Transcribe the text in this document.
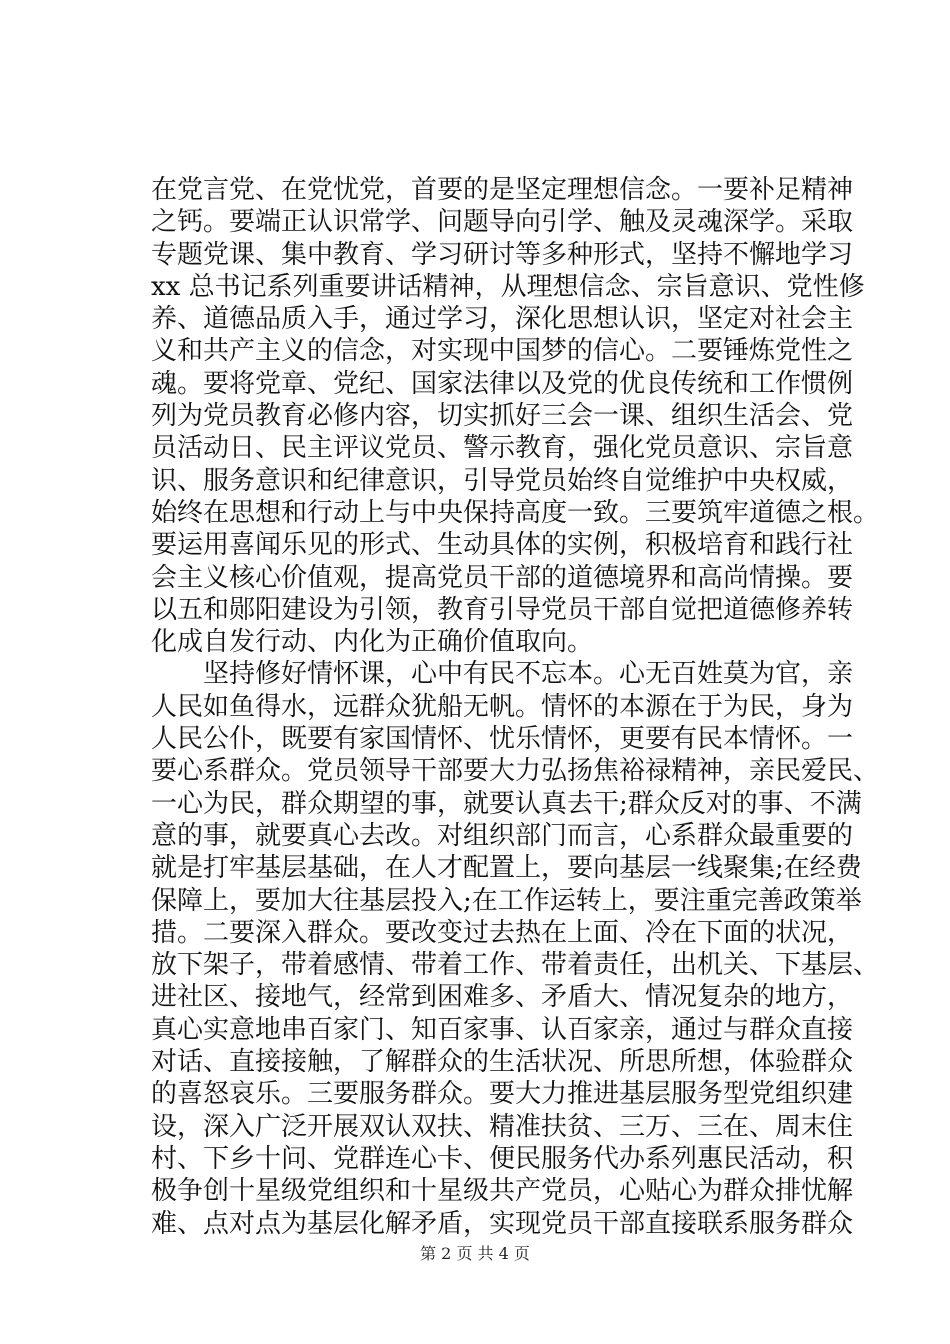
在党言党、在党忧党，首要的是坚定理想信念。一要补足精神
之钙。要端正认识常学、问题导向引学、触及灵魂深学。采取
专题党课、集中教育、学习研讨等多种形式，坚持不懈地学习
xx 总书记系列重要讲话精神，从理想信念、宗旨意识、党性修
养、道德品质入手，通过学习，深化思想认识，坚定对社会主
义和共产主义的信念，对实现中国梦的信心。二要锤炼党性之
魂。要将党章、党纪、国家法律以及党的优良传统和工作惯例
列为党员教育必修内容，切实抓好三会一课、组织生活会、党
员活动日、民主评议党员、警示教育，强化党员意识、宗旨意
识、服务意识和纪律意识，引导党员始终自觉维护中央权威，
始终在思想和行动上与中央保持高度一致。三要筑牢道德之根。
要运用喜闻乐见的形式、生动具体的实例，积极培育和践行社
会主义核心价值观，提高党员干部的道德境界和高尚情操。要
以五和郧阳建设为引领，教育引导党员干部自觉把道德修养转
化成自发行动、内化为正确价值取向。
坚持修好情怀课，心中有民不忘本。心无百姓莫为官，亲
人民如鱼得水，远群众犹船无帆。情怀的本源在于为民，身为
人民公仆，既要有家国情怀、忧乐情怀，更要有民本情怀。一
要心系群众。党员领导干部要大力弘扬焦裕禄精神，亲民爱民、
一心为民，群众期望的事，就要认真去干;群众反对的事、不满
意的事，就要真心去改。对组织部门而言，心系群众最重要的
就是打牢基层基础，在人才配置上，要向基层一线聚集;在经费
保障上，要加大往基层投入;在工作运转上，要注重完善政策举
措。二要深入群众。要改变过去热在上面、冷在下面的状况，
放下架子，带着感情、带着工作、带着责任，出机关、下基层、
进社区、接地气，经常到困难多、矛盾大、情况复杂的地方，
真心实意地串百家门、知百家事、认百家亲，通过与群众直接
对话、直接接触，了解群众的生活状况、所思所想，体验群众
的喜怒哀乐。三要服务群众。要大力推进基层服务型党组织建
设，深入广泛开展双认双扶、精准扶贫、三万、三在、周末住
村、下乡十问、党群连心卡、便民服务代办系列惠民活动，积
极争创十星级党组织和十星级共产党员，心贴心为群众排忧解
难、点对点为基层化解矛盾，实现党员干部直接联系服务群众
第 2 页 共 4 页
